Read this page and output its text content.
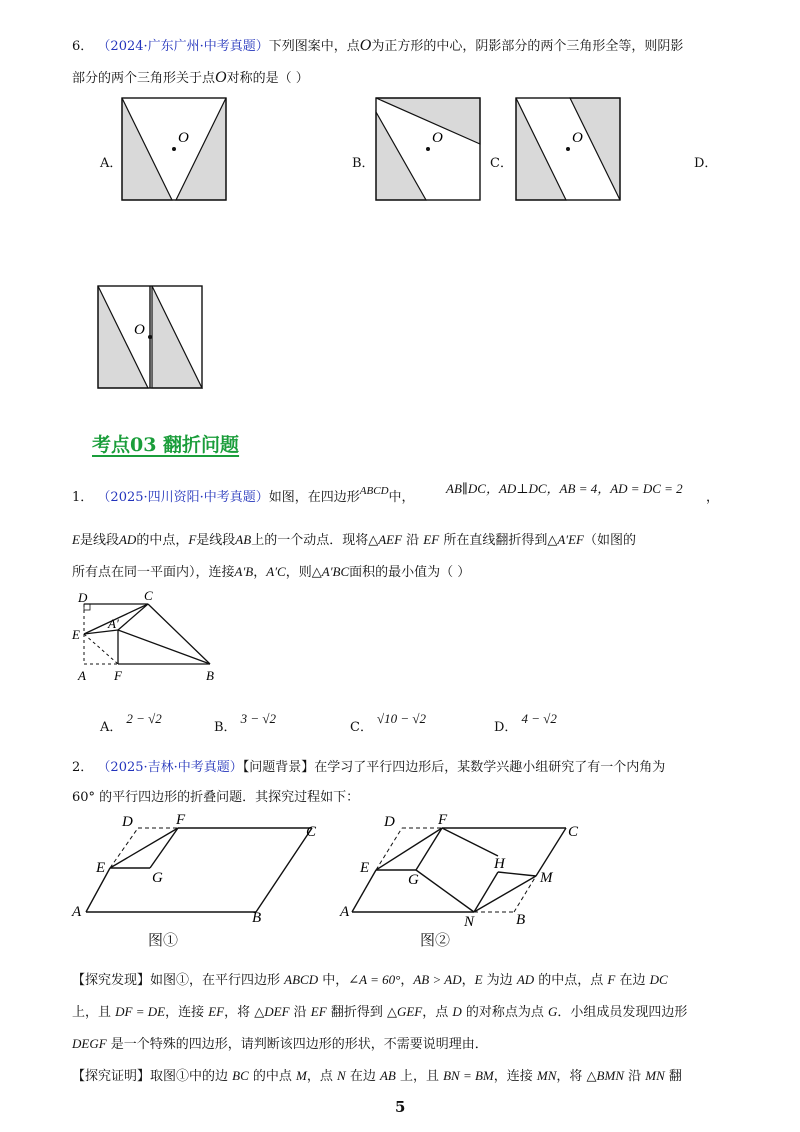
6． （2024·广东广州·中考真题）下列图案中，点O为正方形的中心，阴影部分的两个三角形全等，则阴影
部分的两个三角形关于点O对称的是（ ）
A．
O
B．
O
C．
O
D．
O
考点03 翻折问题
1． （2025·四川资阳·中考真题）如图，在四边形$^{ABCD}$中，
AB∥DC，AD⊥DC，AB = 4，AD = DC = 2
，
E是线段AD的中点，F是线段AB上的一个动点．现将△AEF 沿 EF 所在直线翻折得到△A′EF（如图的
所有点在同一平面内），连接A′B，A′C，则△A′BC面积的最小值为（ ）
D	C
E
A′
A F	B
A．2 − √2
B．3 − √2
C．√10 − √2
D．4 − √2
2． （2025·吉林·中考真题）【问题背景】在学习了平行四边形后，某数学兴趣小组研究了有一个内角为
60° 的平行四边形的折叠问题．其探究过程如下：
D	F
C
E
G
A	B
图①
D	F
C
E
G
H
M
A
N	B
图②
【探究发现】如图①，在平行四边形 ABCD 中，∠A = 60°，AB > AD，E 为边 AD 的中点，点 F 在边 DC
上，且 DF = DE，连接 EF，将 △DEF 沿 EF 翻折得到 △GEF，点 D 的对称点为点 G．小组成员发现四边形
DEGF 是一个特殊的四边形，请判断该四边形的形状，不需要说明理由．
【探究证明】取图①中的边 BC 的中点 M，点 N 在边 AB 上，且 BN = BM，连接 MN，将 △BMN 沿 MN 翻
5
